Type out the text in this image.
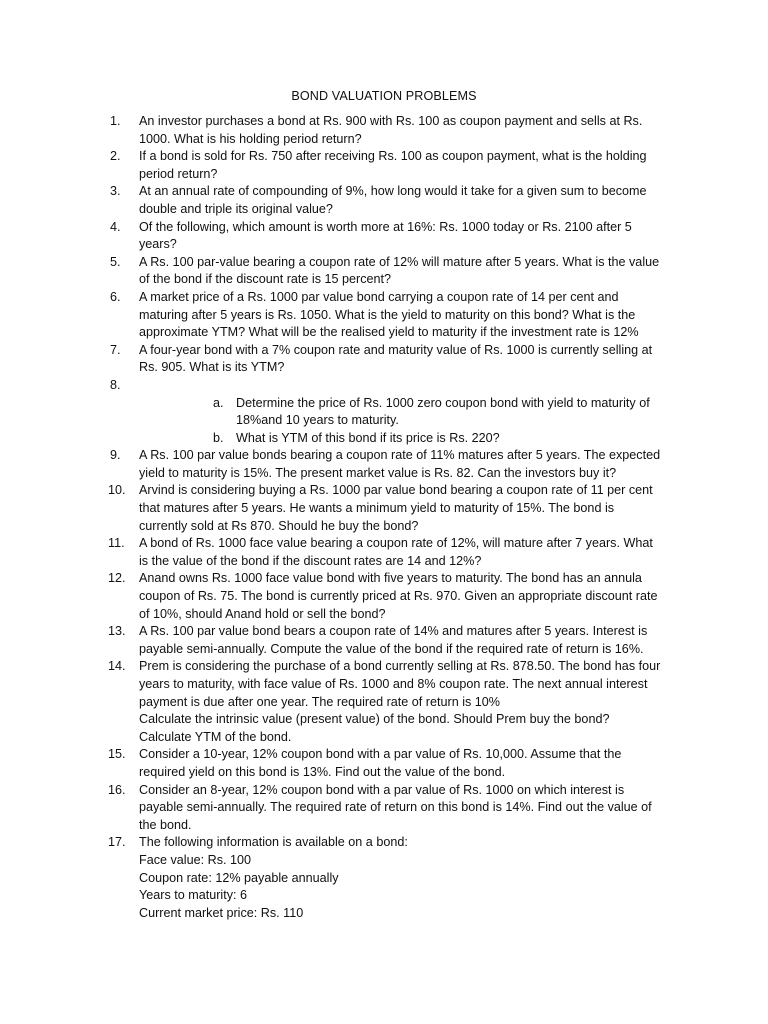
BOND VALUATION PROBLEMS
1.	An investor purchases a bond at Rs. 900 with Rs. 100 as coupon payment and sells at Rs.
1000. What is his holding period return?
2.	If a bond is sold for Rs. 750 after receiving Rs. 100 as coupon payment, what is the holding
period return?
3.	At an annual rate of compounding of 9%, how long would it take for a given sum to become
double and triple its original value?
4.	Of the following, which amount is worth more at 16%: Rs. 1000 today or Rs. 2100 after 5
years?
5.	A Rs. 100 par-value bearing a coupon rate of 12% will mature after 5 years. What is the value
of the bond if the discount rate is 15 percent?
6.	A market price of a Rs. 1000 par value bond carrying a coupon rate of 14 per cent and
maturing after 5 years is Rs. 1050. What is the yield to maturity on this bond? What is the
approximate YTM? What will be the realised yield to maturity if the investment rate is 12%
7.	A four-year bond with a 7% coupon rate and maturity value of Rs. 1000 is currently selling at
Rs. 905. What is its YTM?
8.

a. Determine the price of Rs. 1000 zero coupon bond with yield to maturity of
18%and 10 years to maturity.
b. What is YTM of this bond if its price is Rs. 220?
9.	A Rs. 100 par value bonds bearing a coupon rate of 11% matures after 5 years. The expected
yield to maturity is 15%. The present market value is Rs. 82. Can the investors buy it?
10.	Arvind is considering buying a Rs. 1000 par value bond bearing a coupon rate of 11 per cent
that matures after 5 years. He wants a minimum yield to maturity of 15%. The bond is
currently sold at Rs 870. Should he buy the bond?
11.	A bond of Rs. 1000 face value bearing a coupon rate of 12%, will mature after 7 years. What
is the value of the bond if the discount rates are 14 and 12%?
12.	Anand owns Rs. 1000 face value bond with five years to maturity. The bond has an annula
coupon of Rs. 75. The bond is currently priced at Rs. 970. Given an appropriate discount rate
of 10%, should Anand hold or sell the bond?
13.	A Rs. 100 par value bond bears a coupon rate of 14% and matures after 5 years. Interest is
payable semi-annually. Compute the value of the bond if the required rate of return is 16%.
14.	Prem is considering the purchase of a bond currently selling at Rs. 878.50. The bond has four
years to maturity, with face value of Rs. 1000 and 8% coupon rate. The next annual interest
payment is due after one year. The required rate of return is 10%
Calculate the intrinsic value (present value) of the bond. Should Prem buy the bond?
Calculate YTM of the bond.
15.	Consider a 10-year, 12% coupon bond with a par value of Rs. 10,000. Assume that the
required yield on this bond is 13%. Find out the value of the bond.
16.	Consider an 8-year, 12% coupon bond with a par value of Rs. 1000 on which interest is
payable semi-annually. The required rate of return on this bond is 14%. Find out the value of
the bond.
17.	The following information is available on a bond:
Face value: Rs. 100
Coupon rate: 12% payable annually
Years to maturity: 6
Current market price: Rs. 110
